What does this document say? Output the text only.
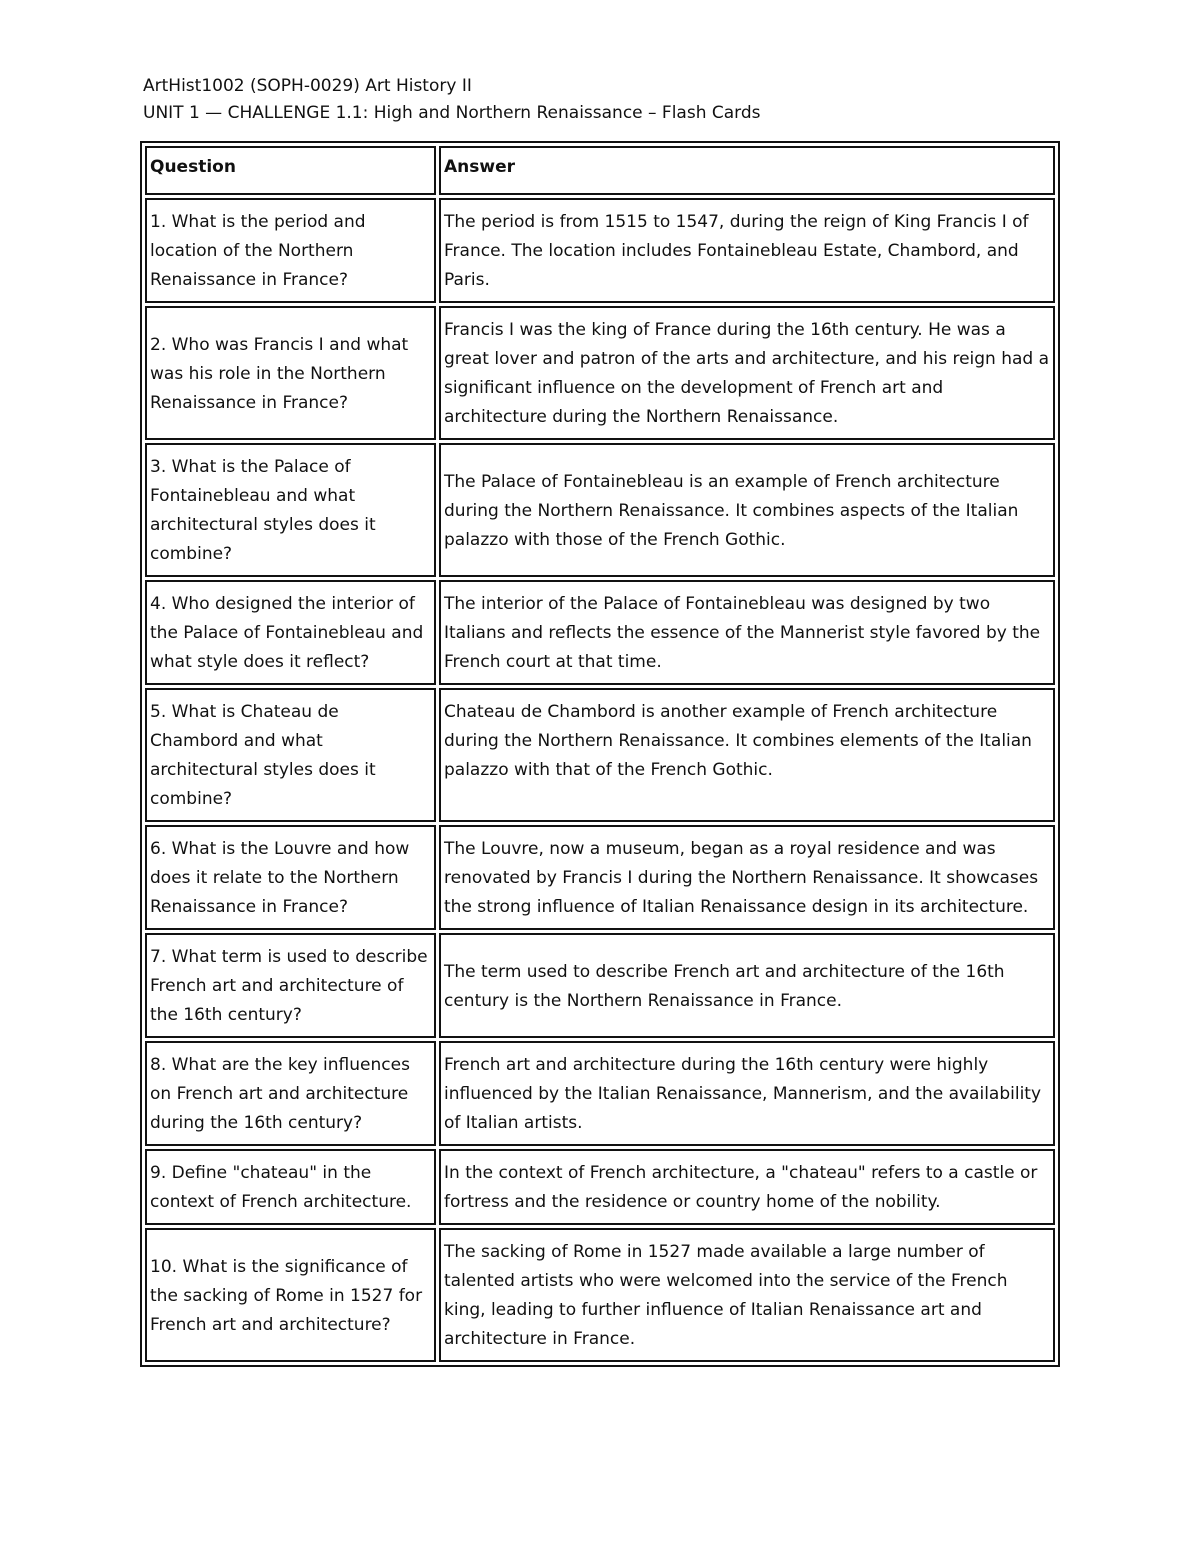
ArtHist1002 (SOPH-0029) Art History II
UNIT 1 — CHALLENGE 1.1: High and Northern Renaissance – Flash Cards
Question	Answer
1. What is the period and location of the Northern Renaissance in France?	The period is from 1515 to 1547, during the reign of King Francis I of France. The location includes Fontainebleau Estate, Chambord, and Paris.
2. Who was Francis I and what was his role in the Northern Renaissance in France?	Francis I was the king of France during the 16th century. He was a great lover and patron of the arts and architecture, and his reign had a significant influence on the development of French art and architecture during the Northern Renaissance.
3. What is the Palace of Fontainebleau and what architectural styles does it combine?	The Palace of Fontainebleau is an example of French architecture during the Northern Renaissance. It combines aspects of the Italian palazzo with those of the French Gothic.
4. Who designed the interior of the Palace of Fontainebleau and what style does it reflect?	The interior of the Palace of Fontainebleau was designed by two Italians and reflects the essence of the Mannerist style favored by the French court at that time.
5. What is Chateau de Chambord and what architectural styles does it combine?	Chateau de Chambord is another example of French architecture during the Northern Renaissance. It combines elements of the Italian palazzo with that of the French Gothic.
6. What is the Louvre and how does it relate to the Northern Renaissance in France?	The Louvre, now a museum, began as a royal residence and was renovated by Francis I during the Northern Renaissance. It showcases the strong influence of Italian Renaissance design in its architecture.
7. What term is used to describe French art and architecture of the 16th century?	The term used to describe French art and architecture of the 16th century is the Northern Renaissance in France.
8. What are the key influences on French art and architecture during the 16th century?	French art and architecture during the 16th century were highly influenced by the Italian Renaissance, Mannerism, and the availability of Italian artists.
9. Define "chateau" in the context of French architecture.	In the context of French architecture, a "chateau" refers to a castle or fortress and the residence or country home of the nobility.
10. What is the significance of the sacking of Rome in 1527 for French art and architecture?	The sacking of Rome in 1527 made available a large number of talented artists who were welcomed into the service of the French king, leading to further influence of Italian Renaissance art and architecture in France.
